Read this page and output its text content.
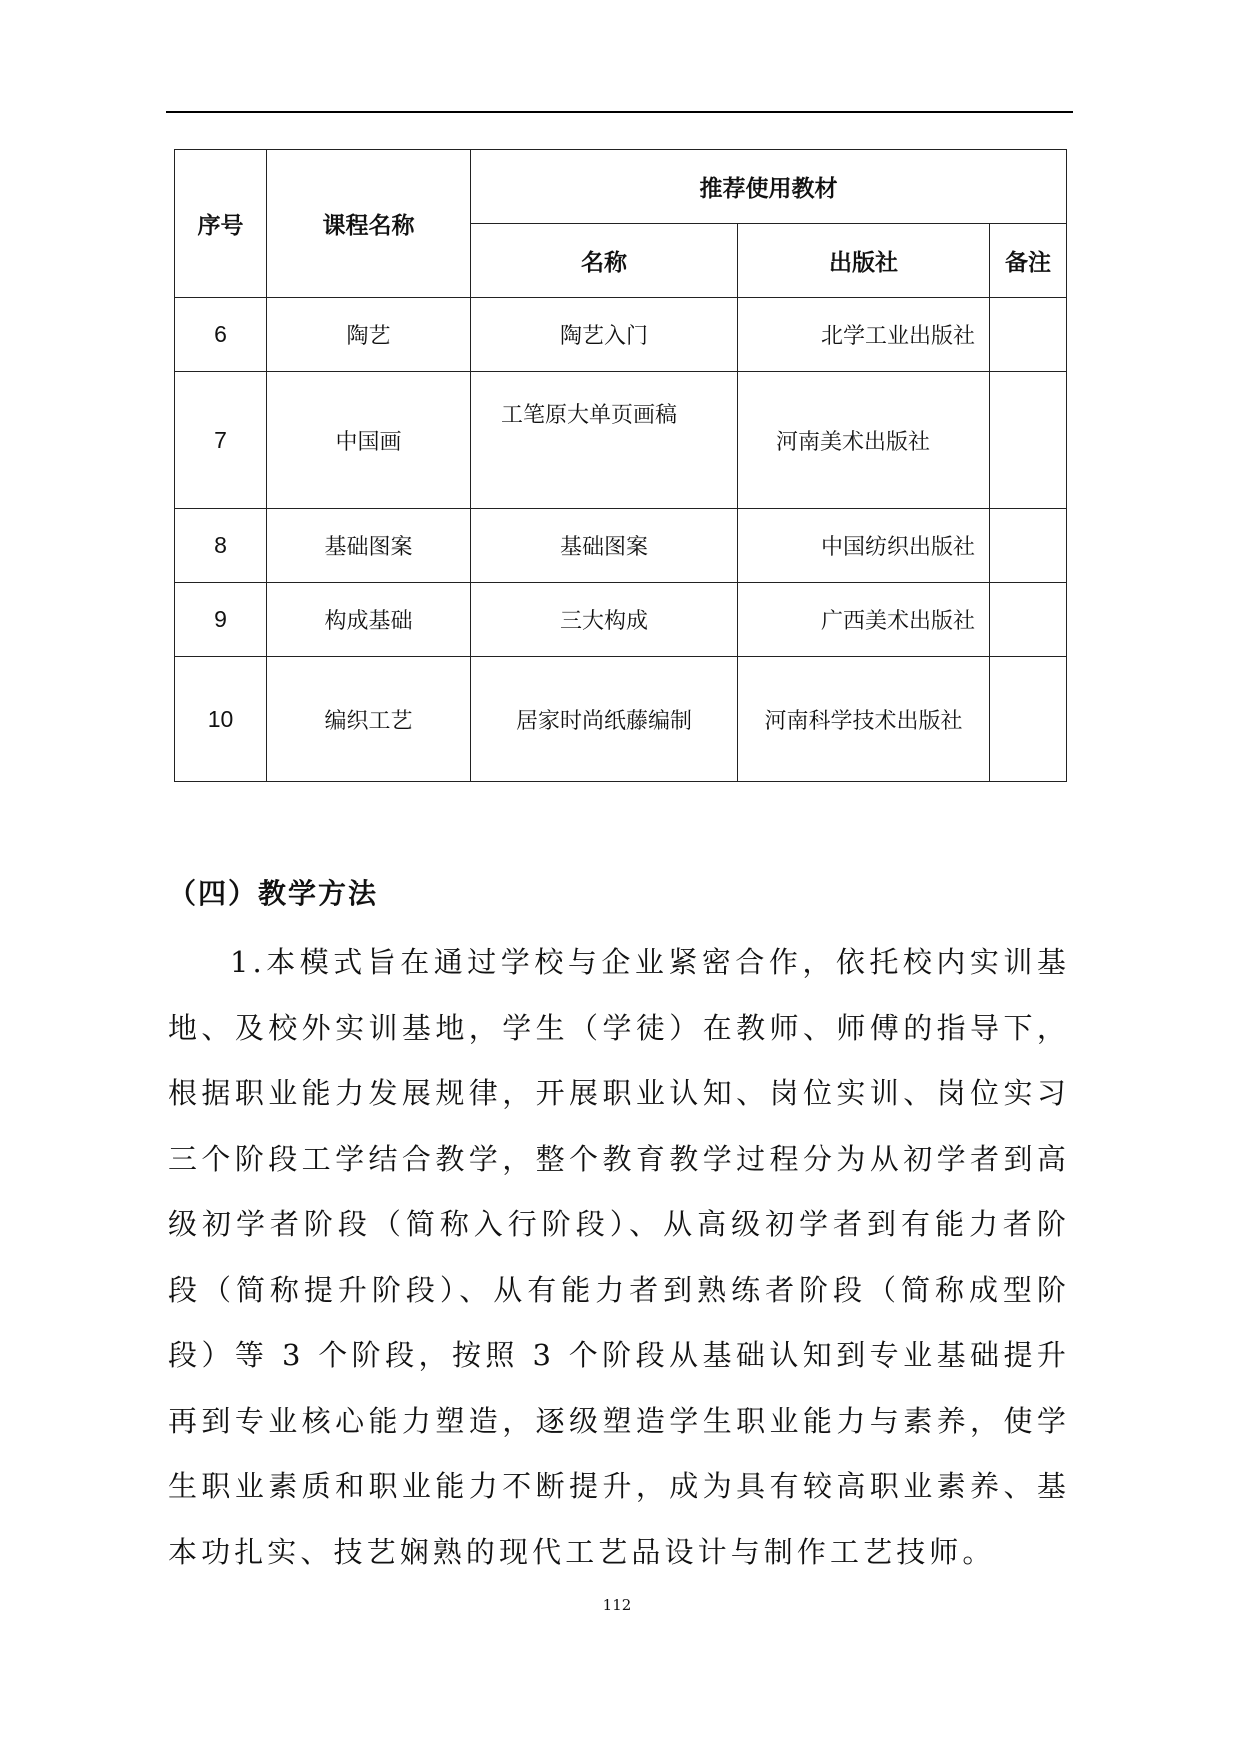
序号	课程名称	推荐使用教材		
		名称	出版社	备注
6	陶艺	陶艺入门	北学工业出版社	
7	中国画	工笔原大单页画稿	河南美术出版社	
8	基础图案	基础图案	中国纺织出版社	
9	构成基础	三大构成	广西美术出版社	

10	编织工艺	居家时尚纸藤编制	河南科学技术出版社	
（四）教学方法
1.本模式旨在通过学校与企业紧密合作，依托校内实训基地、及校外实训基地，学生（学徒）在教师、师傅的指导下，根据职业能力发展规律，开展职业认知、岗位实训、岗位实习三个阶段工学结合教学，整个教育教学过程分为从初学者到高级初学者阶段（简称入行阶段）、从高级初学者到有能力者阶段（简称提升阶段）、从有能力者到熟练者阶段（简称成型阶段）等 3 个阶段，按照 3 个阶段从基础认知到专业基础提升再到专业核心能力塑造，逐级塑造学生职业能力与素养，使学生职业素质和职业能力不断提升，成为具有较高职业素养、基本功扎实、技艺娴熟的现代工艺品设计与制作工艺技师。
112
